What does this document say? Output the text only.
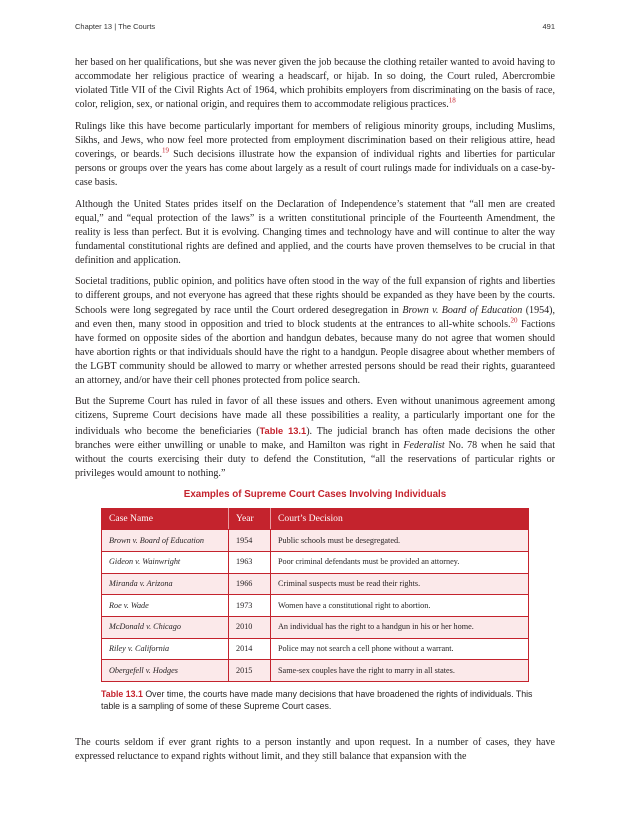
Chapter 13 | The Courts	491

her based on her qualifications, but she was never given the job because the clothing retailer wanted to avoid having to accommodate her religious practice of wearing a headscarf, or hijab. In so doing, the Court ruled, Abercrombie violated Title VII of the Civil Rights Act of 1964, which prohibits employers from discriminating on the basis of race, color, religion, sex, or national origin, and requires them to accommodate religious practices.$^{18}$

Rulings like this have become particularly important for members of religious minority groups, including Muslims, Sikhs, and Jews, who now feel more protected from employment discrimination based on their religious attire, head coverings, or beards.$^{19}$ Such decisions illustrate how the expansion of individual rights and liberties for particular persons or groups over the years has come about largely as a result of court rulings made for individuals on a case-by-case basis.

Although the United States prides itself on the Declaration of Independence’s statement that “all men are created equal,” and “equal protection of the laws” is a written constitutional principle of the Fourteenth Amendment, the reality is less than perfect. But it is evolving. Changing times and technology have and will continue to alter the way fundamental constitutional rights are defined and applied, and the courts have proven themselves to be crucial in that definition and application.

Societal traditions, public opinion, and politics have often stood in the way of the full expansion of rights and liberties to different groups, and not everyone has agreed that these rights should be expanded as they have been by the courts. Schools were long segregated by race until the Court ordered desegregation in Brown v. Board of Education (1954), and even then, many stood in opposition and tried to block students at the entrances to all-white schools.$^{20}$ Factions have formed on opposite sides of the abortion and handgun debates, because many do not agree that women should have abortion rights or that individuals should have the right to a handgun. People disagree about whether members of the LGBT community should be allowed to marry or whether arrested persons should be read their rights, guaranteed an attorney, and/or have their cell phones protected from police search.

But the Supreme Court has ruled in favor of all these issues and others. Even without unanimous agreement among citizens, Supreme Court decisions have made all these possibilities a reality, a particularly important one for the individuals who become the beneficiaries (Table 13.1). The judicial branch has often made decisions the other branches were either unwilling or unable to make, and Hamilton was right in Federalist No. 78 when he said that without the courts exercising their duty to defend the Constitution, “all the reservations of particular rights or privileges would amount to nothing.”

Examples of Supreme Court Cases Involving Individuals
Case Name	Year	Court’s Decision
Brown v. Board of Education	1954	Public schools must be desegregated.
Gideon v. Wainwright	1963	Poor criminal defendants must be provided an attorney.
Miranda v. Arizona	1966	Criminal suspects must be read their rights.
Roe v. Wade	1973	Women have a constitutional right to abortion.
McDonald v. Chicago	2010	An individual has the right to a handgun in his or her home.
Riley v. California	2014	Police may not search a cell phone without a warrant.
Obergefell v. Hodges	2015	Same-sex couples have the right to marry in all states.
Table 13.1 Over time, the courts have made many decisions that have broadened the rights of individuals. This table is a sampling of some of these Supreme Court cases.

The courts seldom if ever grant rights to a person instantly and upon request. In a number of cases, they have expressed reluctance to expand rights without limit, and they still balance that expansion with the
